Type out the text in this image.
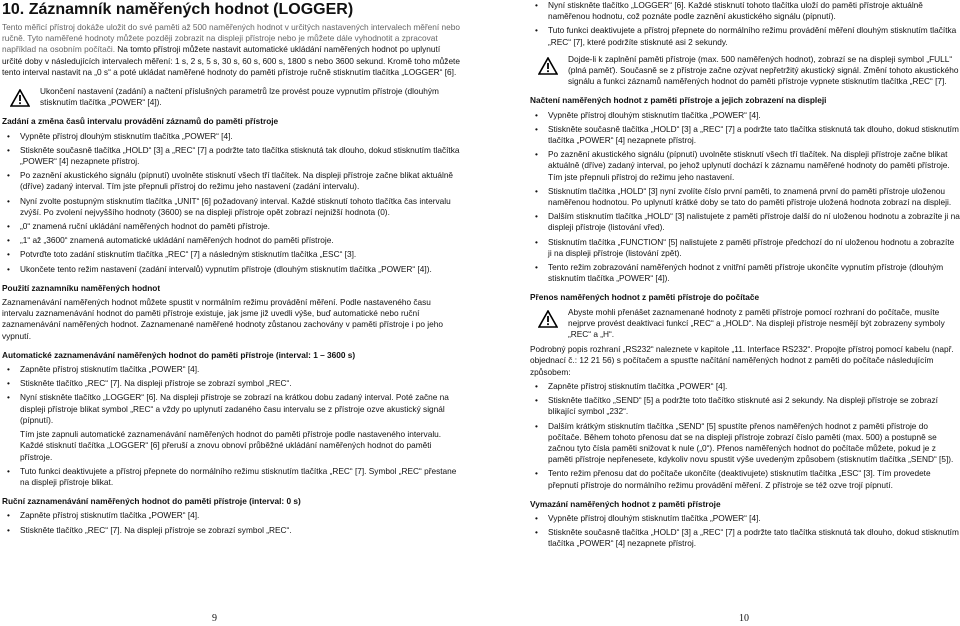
10. Záznamník naměřených hodnot (LOGGER)

Tento měřicí přístroj dokáže uložit do své paměti až 500 naměřených hodnot v určitých nastavených intervalech měření nebo ručně. Tyto naměřené hodnoty můžete později zobrazit na displeji přístroje nebo je můžete dále vyhodnotit a zpracovat například na osobním počítači. Na tomto přístroji můžete nastavit automatické ukládání naměřených hodnot po uplynutí určité doby v následujících intervalech měření: 1 s, 2 s, 5 s, 30 s, 60 s, 600 s, 1800 s nebo 3600 sekund. Kromě toho můžete tento interval nastavit na „0 s“ a poté ukládat naměřené hodnoty do paměti přístroje ručně stisknutím tlačítka „LOGGER“ [6].

Ukončení nastavení (zadání) a načtení příslušných parametrů lze provést pouze vypnutím přístroje (dlouhým stisknutím tlačítka „POWER“ [4]).
Zadání a změna časů intervalu provádění záznamů do paměti přístroje
• Vypněte přístroj dlouhým stisknutím tlačítka „POWER“ [4].
• Stiskněte současně tlačítka „HOLD“ [3] a „REC“ [7] a podržte tato tlačítka stisknutá tak dlouho, dokud stisknutím tlačítka „POWER“ [4] nezapnete přístroj.
• Po zaznění akustického signálu (pípnutí) uvolněte stisknutí všech tří tlačítek. Na displeji přístroje začne blikat aktuálně (dříve) zadaný interval. Tím jste přepnuli přístroj do režimu jeho nastavení (zadání intervalu).
• Nyní zvolte postupným stisknutím tlačítka „UNIT“ [6] požadovaný interval. Každé stisknutí tohoto tlačítka čas intervalu zvýší. Po zvolení nejvyššího hodnoty (3600) se na displeji přístroje opět zobrazí nejnižší hodnota (0).
• „0“ znamená ruční ukládání naměřených hodnot do paměti přístroje.
• „1“ až „3600“ znamená automatické ukládání naměřených hodnot do paměti přístroje.
• Potvrďte toto zadání stisknutím tlačítka „REC“ [7] a následným stisknutím tlačítka „ESC“ [3].
• Ukončete tento režim nastavení (zadání intervalů) vypnutím přístroje (dlouhým stisknutím tlačítka „POWER“ [4]).
Použití zaznamníku naměřených hodnot

Zaznamenávání naměřených hodnot můžete spustit v normálním režimu provádění měření. Podle nastaveného času intervalu zaznamenávání hodnot do paměti přístroje existuje, jak jsme již uvedli výše, buď automatické nebo ruční zaznamenávání naměřených hodnot. Zaznamenané naměřené hodnoty zůstanou zachovány v paměti přístroje i po jeho vypnutí.

Automatické zaznamenávání naměřených hodnot do paměti přístroje (interval: 1 – 3600 s)
• Zapněte přístroj stisknutím tlačítka „POWER“ [4].
• Stiskněte tlačítko „REC“ [7]. Na displeji přístroje se zobrazí symbol „REC“.
• Nyní stiskněte tlačítko „LOGGER“ [6]. Na displeji přístroje se zobrazí na krátkou dobu zadaný interval. Poté začne na displeji přístroje blikat symbol „REC“ a vždy po uplynutí zadaného času intervalu se z přístroje ozve akustický signál (pípnutí).
Tím jste zapnuli automatické zaznamenávání naměřených hodnot do paměti přístroje podle nastaveného intervalu. Každé stisknutí tlačítka „LOGGER“ [6] přeruší a znovu obnoví průběžné ukládání naměřených hodnot do paměti přístroje.
• Tuto funkci deaktivujete a přístroj přepnete do normálního režimu stisknutím tlačítka „REC“ [7]. Symbol „REC“ přestane na displeji přístroje blikat.
Ruční zaznamenávání naměřených hodnot do paměti přístroje (interval: 0 s)
• Zapněte přístroj stisknutím tlačítka „POWER“ [4].
• Stiskněte tlačítko „REC“ [7]. Na displeji přístroje se zobrazí symbol „REC“.
• Nyní stiskněte tlačítko „LOGGER“ [6]. Každé stisknutí tohoto tlačítka uloží do paměti přístroje aktuálně naměřenou hodnotu, což poznáte podle zaznění akustického signálu (pípnutí).
• Tuto funkci deaktivujete a přístroj přepnete do normálního režimu provádění měření dlouhým stisknutím tlačítka „REC“ [7], které podržíte stisknuté asi 2 sekundy.
Dojde-li k zaplnění paměti přístroje (max. 500 naměřených hodnot), zobrazí se na displeji symbol „FULL“ (plná paměť). Současně se z přístroje začne ozývat nepřetržitý akustický signál. Změní tohoto akustického signálu a funkci záznamů naměřených hodnot do paměti přístroje vypnete stisknutím tlačítka „REC“ [7].
Načtení naměřených hodnot z paměti přístroje a jejich zobrazení na displeji
• Vypněte přístroj dlouhým stisknutím tlačítka „POWER“ [4].
• Stiskněte současně tlačítka „HOLD“ [3] a „REC“ [7] a podržte tato tlačítka stisknutá tak dlouho, dokud stisknutím tlačítka „POWER“ [4] nezapnete přístroj.
• Po zaznění akustického signálu (pípnutí) uvolněte stisknutí všech tří tlačítek. Na displeji přístroje začne blikat aktuálně (dříve) zadaný interval, po jehož uplynutí dochází k záznamu naměřené hodnoty do paměti přístroje. Tím jste přepnuli přístroj do režimu jeho nastavení.
• Stisknutím tlačítka „HOLD“ [3] nyní zvolíte číslo první paměti, to znamená první do paměti přístroje uloženou naměřenou hodnotou. Po uplynutí krátké doby se tato do paměti přístroje uložená hodnota zobrazí na displeji.
• Dalším stisknutím tlačítka „HOLD“ [3] nalistujete z paměti přístroje další do ní uloženou hodnotu a zobrazíte ji na displeji přístroje (listování vřed).
• Stisknutím tlačítka „FUNCTION“ [5] nalistujete z paměti přístroje předchozí do ní uloženou hodnotu a zobrazíte ji na displeji přístroje (listování zpět).
• Tento režim zobrazování naměřených hodnot z vnitřní paměti přístroje ukončíte vypnutím přístroje (dlouhým stisknutím tlačítka „POWER“ [4]).
Přenos naměřených hodnot z paměti přístroje do počítače
Abyste mohli přenášet zaznamenané hodnoty z paměti přístroje pomocí rozhraní do počítače, musíte nejprve provést deaktivaci funkcí „REC“ a „HOLD“. Na displeji přístroje nesmějí být zobrazeny symboly „REC“ a „H“.

Podrobný popis rozhraní „RS232“ naleznete v kapitole „11. Interface RS232“. Propojte přístroj pomocí kabelu (např. objednací č.: 12 21 56) s počítačem a spusťte načítání naměřených hodnot z paměti do počítače následujícím způsobem:

• Zapněte přístroj stisknutím tlačítka „POWER“ [4].
• Stiskněte tlačítko „SEND“ [5] a podržte toto tlačítko stisknuté asi 2 sekundy. Na displeji přístroje se zobrazí blikající symbol „232“.
• Dalším krátkým stisknutím tlačítka „SEND“ [5] spustíte přenos naměřených hodnot z paměti přístroje do počítače. Během tohoto přenosu dat se na displeji přístroje zobrazí číslo paměti (max. 500) a postupně se začnou tyto čísla paměti snižovat k nule („0“). Přenos naměřených hodnot do počítače můžete, pokud je z paměti přístroje nepřenesete, kdykoliv novu spustit výše uvedeným způsobem (stisknutím tlačítka „SEND“ [5]).
• Tento režim přenosu dat do počítače ukončíte (deaktivujete) stisknutím tlačítka „ESC“ [3]. Tím provedete přepnutí přístroje do normálního režimu provádění měření. Z přístroje se též ozve trojí pípnutí.
Vymazání naměřených hodnot z paměti přístroje
• Vypněte přístroj dlouhým stisknutím tlačítka „POWER“ [4].
• Stiskněte současně tlačítka „HOLD“ [3] a „REC“ [7] a podržte tato tlačítka stisknutá tak dlouho, dokud stisknutím tlačítka „POWER“ [4] nezapnete přístroj.
9	10
